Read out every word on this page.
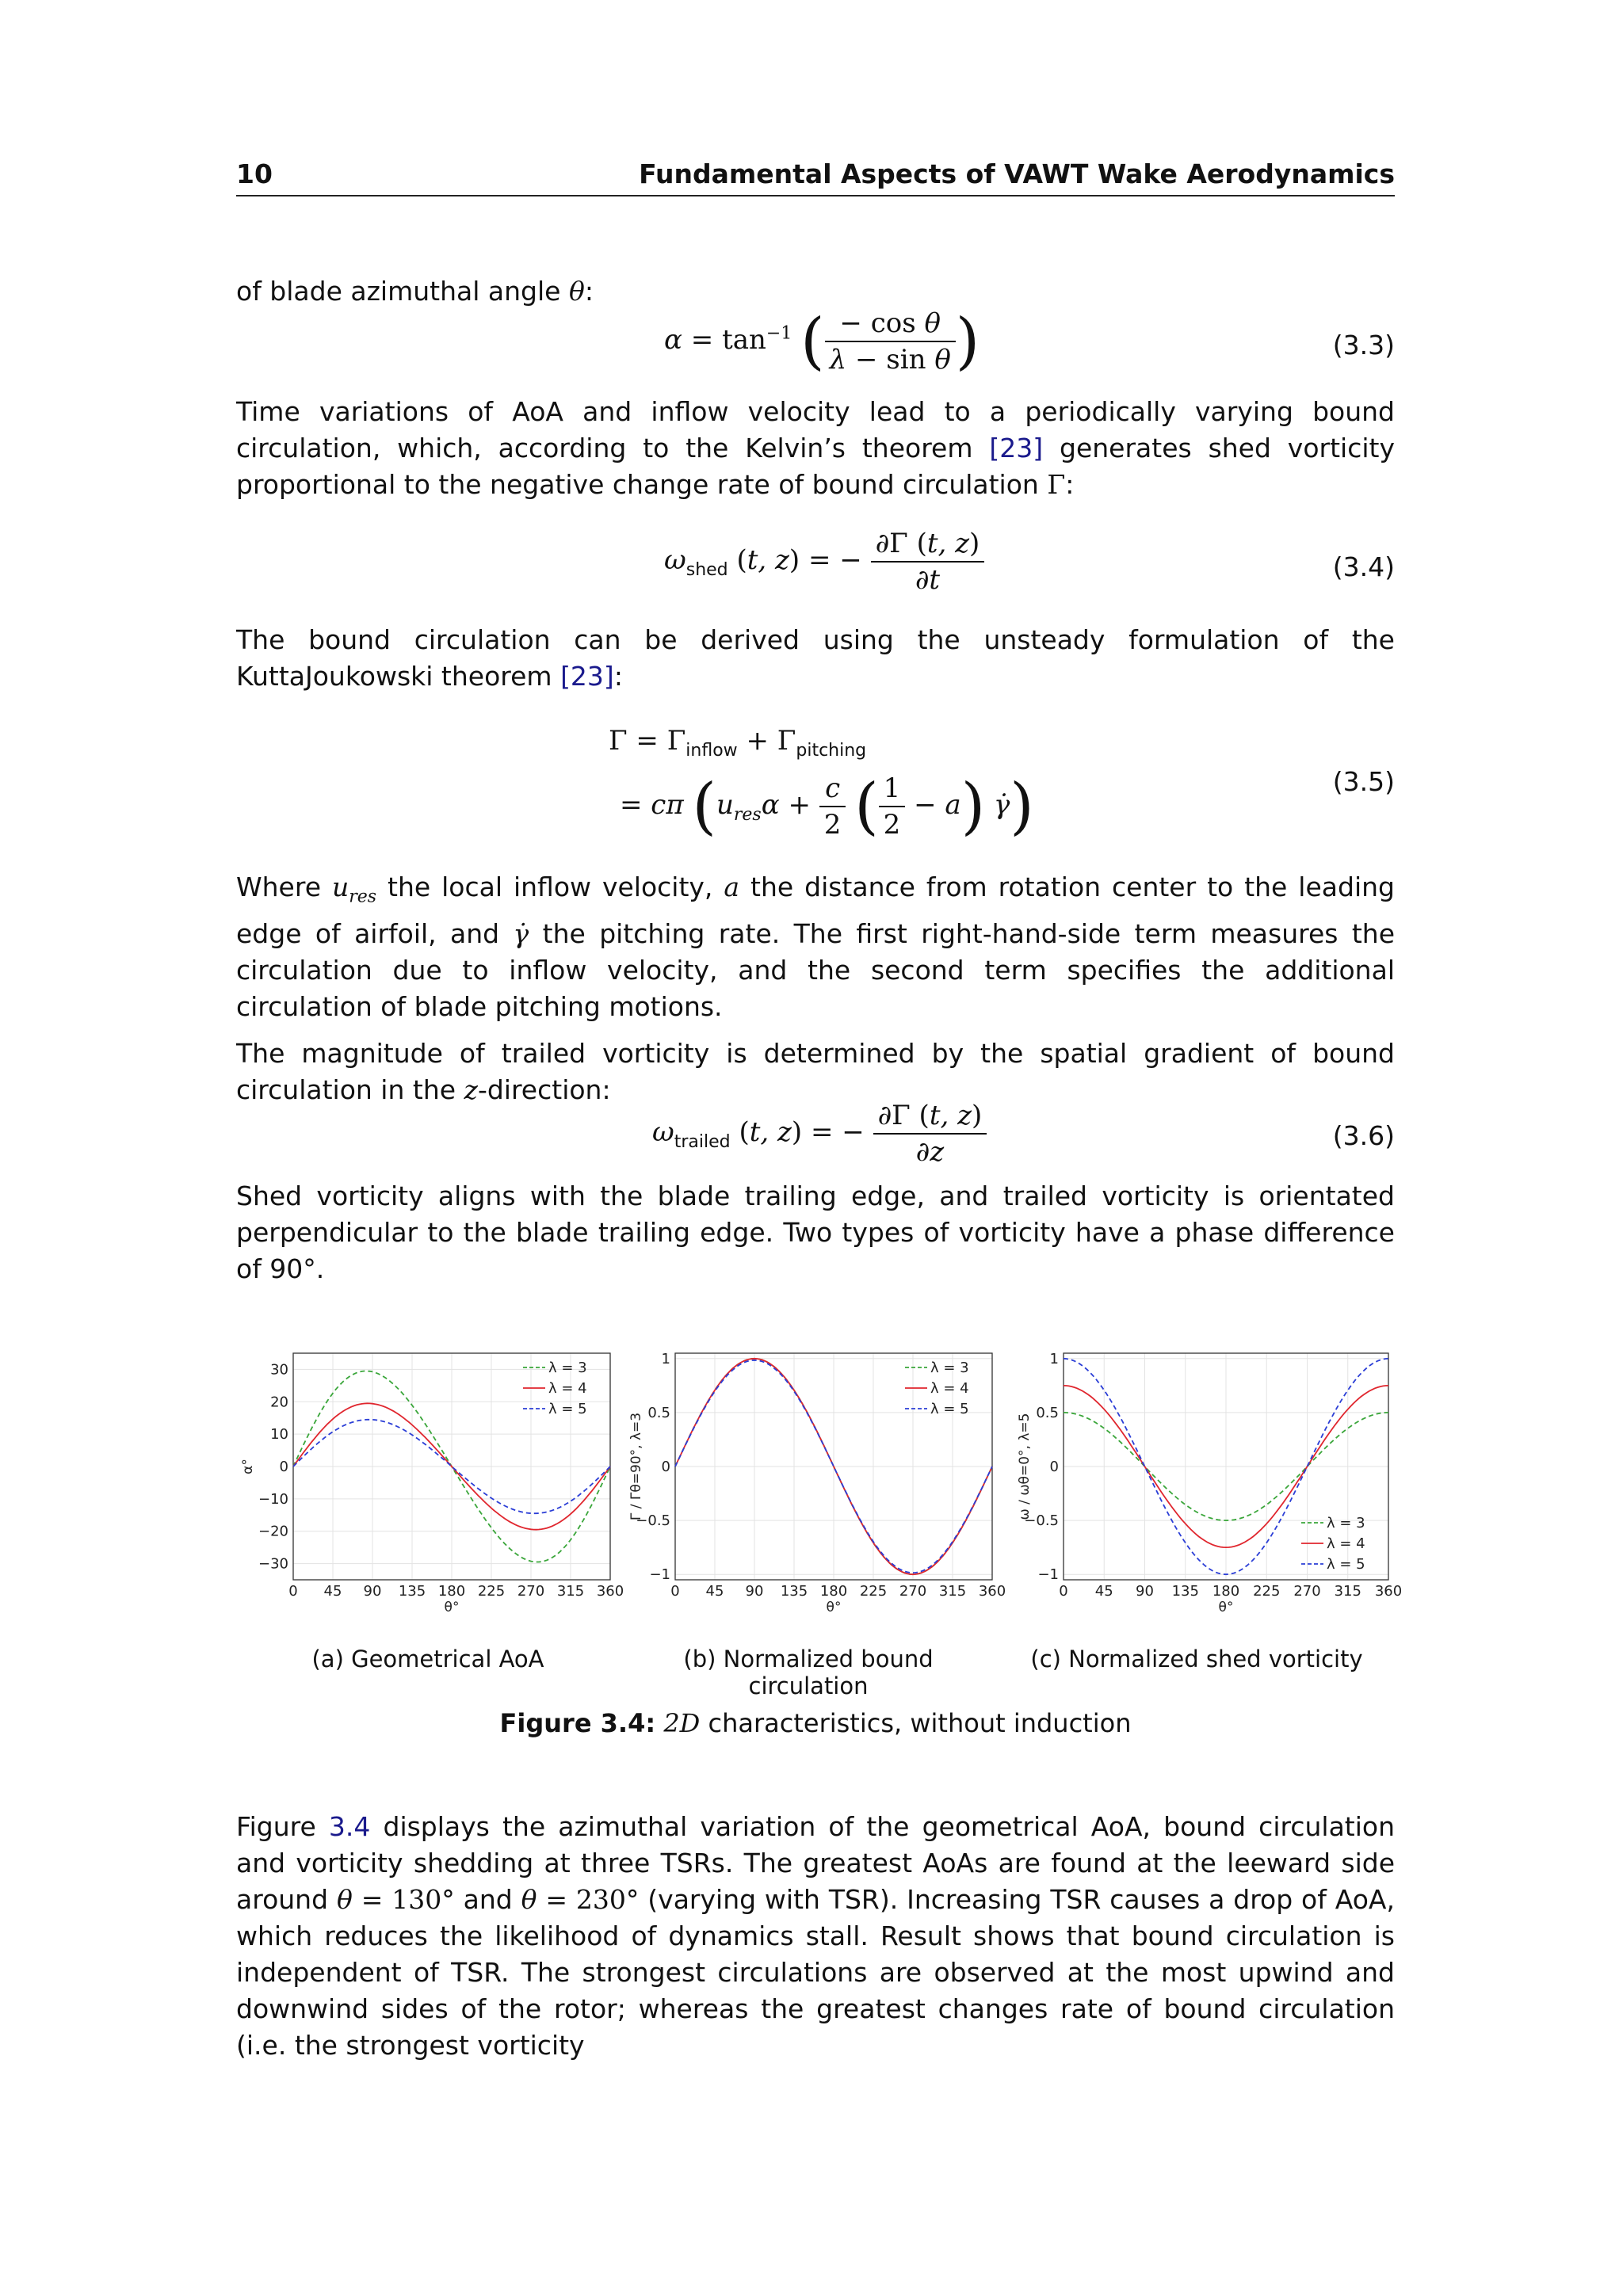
10	Fundamental Aspects of VAWT Wake Aerodynamics
of blade azimuthal angle θ:
$\alpha = \tan^{-1}$ ( $\frac{\text{− cos θ}}{\text{λ − sin θ}}$ )	(3.3)
Time variations of AoA and inflow velocity lead to a periodically varying bound circulation, which, according to the Kelvin’s theorem [23] generates shed vorticity proportional to the negative change rate of bound circulation Γ:
$\omega_{shed}$ (t, z) = − $\frac{\partial\Gamma (t, z)}{\partial t}$	(3.4)
The bound circulation can be derived using the unsteady formulation of the KuttaJoukowski theorem [23]:
$\Gamma = \Gamma_{inflow} + \Gamma_{pitching}$
= cπ ($u_{res}\alpha + \frac{c}{2}$ ( $\frac{1}{2} - a$) γ̇)	(3.5)
Where $u_{res}$ the local inflow velocity, a the distance from rotation center to the leading edge of airfoil, and γ̇ the pitching rate. The first right-hand-side term measures the circulation due to inflow velocity, and the second term specifies the additional circulation of blade pitching motions.
The magnitude of trailed vorticity is determined by the spatial gradient of bound circulation in the z-direction:
$\omega_{trailed}$ (t, z) = − $\frac{\partial\Gamma (t, z)}{\partial z}$	(3.6)
Shed vorticity aligns with the blade trailing edge, and trailed vorticity is orientated perpendicular to the blade trailing edge. Two types of vorticity have a phase difference of 90°.
0 45 90 135 180 225 270 315 360
−30
−20
−10
0
10
20
30
θ°
α°
λ = 3
λ = 4
λ = 5
0 45 90 135 180 225 270 315 360
−1
−0.5
0
0.5
1
θ°
Γ / Γθ=90°, λ=3
λ = 3
λ = 4
λ = 5
0 45 90 135 180 225 270 315 360
−1
−0.5
0
0.5
1
θ°
ω / ωθ=0°, λ=5
λ = 3
λ = 4
λ = 5
(a) Geometrical AoA	(b) Normalized bound circulation
(c) Normalized shed vorticity
Figure 3.4: 2D characteristics, without induction
Figure 3.4 displays the azimuthal variation of the geometrical AoA, bound circulation and vorticity shedding at three TSRs. The greatest AoAs are found at the leeward side around θ = 130° and θ = 230° (varying with TSR). Increasing TSR causes a drop of AoA, which reduces the likelihood of dynamics stall. Result shows that bound circulation is independent of TSR. The strongest circulations are observed at the most upwind and downwind sides of the rotor; whereas the greatest changes rate of bound circulation (i.e. the strongest vorticity
